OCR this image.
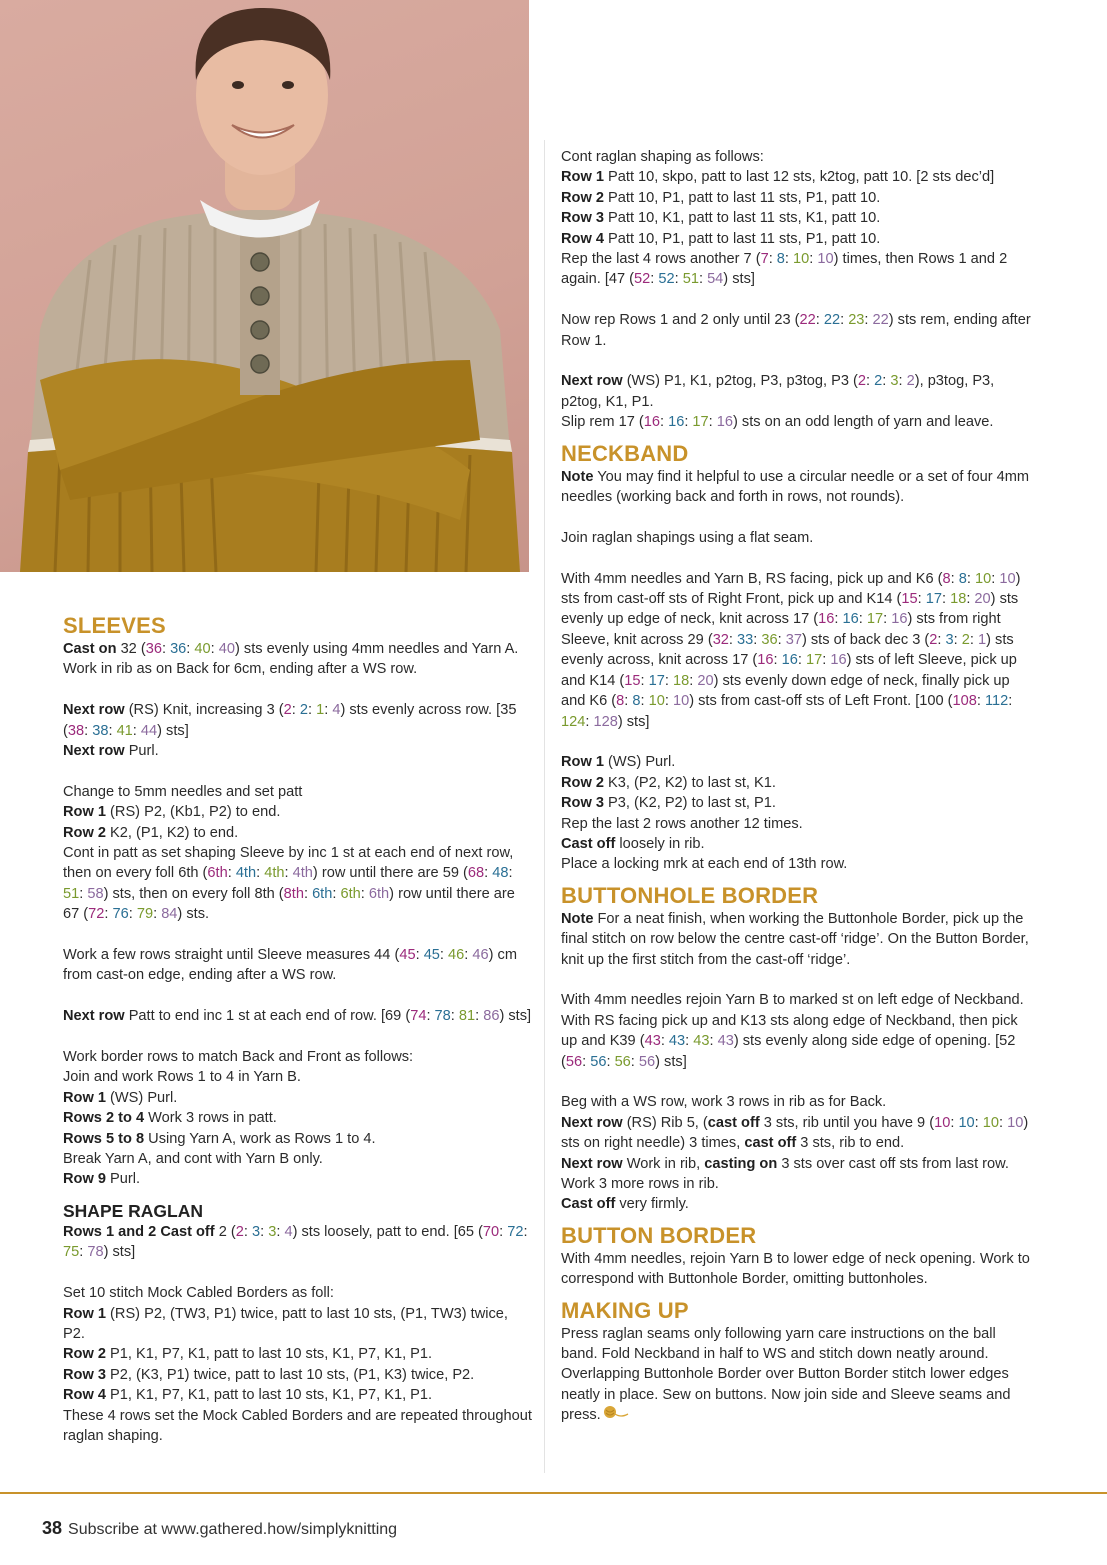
SLEEVES

Cast on 32 (36: 36: 40: 40) sts evenly using 4mm needles and Yarn A. Work in rib as on Back for 6cm, ending after a WS row.

Next row (RS) Knit, increasing 3 (2: 2: 1: 4) sts evenly across row. [35 (38: 38: 41: 44) sts]

Next row Purl.

Change to 5mm needles and set patt

Row 1 (RS) P2, (Kb1, P2) to end.

Row 2 K2, (P1, K2) to end.

Cont in patt as set shaping Sleeve by inc 1 st at each end of next row, then on every foll 6th (6th: 4th: 4th: 4th) row until there are 59 (68: 48: 51: 58) sts, then on every foll 8th (8th: 6th: 6th: 6th) row until there are 67 (72: 76: 79: 84) sts.

Work a few rows straight until Sleeve measures 44 (45: 45: 46: 46) cm from cast-on edge, ending after a WS row.

Next row Patt to end inc 1 st at each end of row. [69 (74: 78: 81: 86) sts]

Work border rows to match Back and Front as follows:

Join and work Rows 1 to 4 in Yarn B.

Row 1 (WS) Purl.

Rows 2 to 4 Work 3 rows in patt.

Rows 5 to 8 Using Yarn A, work as Rows 1 to 4.

Break Yarn A, and cont with Yarn B only.

Row 9 Purl.

SHAPE RAGLAN

Rows 1 and 2 Cast off 2 (2: 3: 3: 4) sts loosely, patt to end. [65 (70: 72: 75: 78) sts]

Set 10 stitch Mock Cabled Borders as foll:

Row 1 (RS) P2, (TW3, P1) twice, patt to last 10 sts, (P1, TW3) twice, P2.

Row 2 P1, K1, P7, K1, patt to last 10 sts, K1, P7, K1, P1.

Row 3 P2, (K3, P1) twice, patt to last 10 sts, (P1, K3) twice, P2.

Row 4 P1, K1, P7, K1, patt to last 10 sts, K1, P7, K1, P1.

These 4 rows set the Mock Cabled Borders and are repeated throughout raglan shaping.

Cont raglan shaping as follows:

Row 1 Patt 10, skpo, patt to last 12 sts, k2tog, patt 10. [2 sts dec’d]

Row 2 Patt 10, P1, patt to last 11 sts, P1, patt 10.

Row 3 Patt 10, K1, patt to last 11 sts, K1, patt 10.

Row 4 Patt 10, P1, patt to last 11 sts, P1, patt 10.

Rep the last 4 rows another 7 (7: 8: 10: 10) times, then Rows 1 and 2 again. [47 (52: 52: 51: 54) sts]

Now rep Rows 1 and 2 only until 23 (22: 22: 23: 22) sts rem, ending after Row 1.

Next row (WS) P1, K1, p2tog, P3, p3tog, P3 (2: 2: 3: 2), p3tog, P3, p2tog, K1, P1.

Slip rem 17 (16: 16: 17: 16) sts on an odd length of yarn and leave.

NECKBAND

Note You may find it helpful to use a circular needle or a set of four 4mm needles (working back and forth in rows, not rounds).

Join raglan shapings using a flat seam.

With 4mm needles and Yarn B, RS facing, pick up and K6 (8: 8: 10: 10) sts from cast-off sts of Right Front, pick up and K14 (15: 17: 18: 20) sts evenly up edge of neck, knit across 17 (16: 16: 17: 16) sts from right Sleeve, knit across 29 (32: 33: 36: 37) sts of back dec 3 (2: 3: 2: 1) sts evenly across, knit across 17 (16: 16: 17: 16) sts of left Sleeve, pick up and K14 (15: 17: 18: 20) sts evenly down edge of neck, finally pick up and K6 (8: 8: 10: 10) sts from cast-off sts of Left Front. [100 (108: 112: 124: 128) sts]

Row 1 (WS) Purl.

Row 2 K3, (P2, K2) to last st, K1.

Row 3 P3, (K2, P2) to last st, P1.

Rep the last 2 rows another 12 times.

Cast off loosely in rib.

Place a locking mrk at each end of 13th row.

BUTTONHOLE BORDER

Note For a neat finish, when working the Buttonhole Border, pick up the final stitch on row below the centre cast-off ‘ridge’. On the Button Border, knit up the first stitch from the cast-off ‘ridge’.

With 4mm needles rejoin Yarn B to marked st on left edge of Neckband. With RS facing pick up and K13 sts along edge of Neckband, then pick up and K39 (43: 43: 43: 43) sts evenly along side edge of opening. [52 (56: 56: 56: 56) sts]

Beg with a WS row, work 3 rows in rib as for Back.

Next row (RS) Rib 5, (cast off 3 sts, rib until you have 9 (10: 10: 10: 10) sts on right needle) 3 times, cast off 3 sts, rib to end.

Next row Work in rib, casting on 3 sts over cast off sts from last row.

Work 3 more rows in rib.

Cast off very firmly.

BUTTON BORDER

With 4mm needles, rejoin Yarn B to lower edge of neck opening. Work to correspond with Buttonhole Border, omitting buttonholes.

MAKING UP

Press raglan seams only following yarn care instructions on the ball band. Fold Neckband in half to WS and stitch down neatly around. Overlapping Buttonhole Border over Button Border stitch lower edges neatly in place. Sew on buttons. Now join side and Sleeve seams and press.

38 Subscribe at www.gathered.how/simplyknitting
